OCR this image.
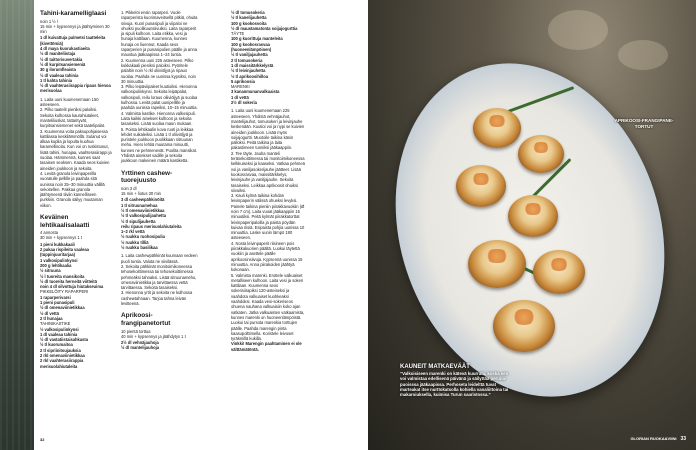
Tahini-karamelliglaasi

noin 1 ½ l

15 min + kypsennys ja jäähtyminen 30 min

1 dl kuivattuja palmetsi taatteleita (kivettömiä)

4 dl maya kuorukastiaeita

½ dl maniteliistaja

½ dl taittorisuvertakia

½ dl kurpitsansiemeniä

30 g ilorumfleaista

½ dl vaaleaa tahinia

1 tl kahta tahinia

½ dl vaahterasiirappia ripaus hienoa merisuolaa

1. Laita uuni kuumenemaan 150 asteeseen.

2. Pilko taatelit pieniksi paloiksi. Sekoita kulhossa kaurahiutaleet, manteliliuskat, tattarityvät, kurpitsansiemenet sekä taatelipalat.

3. Kuumenna voita paksupohjaisessa kattilassa keskilämmöllä. Sulanut voi alkaa kuplia ja lopulta kuohua karamellisoitu. Kun voi on ruskistunut, lisää tahini, hunajaa, vaahterasiirappi ja suolaa. Hämmennä, kunnes saat tasaisen seoksen. Kaada seos kuivien aineiden joukkoon ja sekoita.

4. Levitä granola leivinpaperilla vuoratulle pellille ja paahda sitä uunissa noin 25–30 minuuttia välillä sekoitellen. Pakkaa granola jäähtyneenä tiiviin kannelliseen purkkiin. Granola säilyy muutaman viikon.

Keväinen lehtikaalisalaatti

4 annosta

30 min + kypsennys 1 t

1 pieni kukkakaali

2 pakaa rispileita vaaleaa (tuppinjuuritarjaa)

1 valkosipulinkynsi

200 g lehtikaalia

½ sitruuna

½ l tuoreita mansikoita

½ dl tuoreita herneitä viitteitä

noin 4 dl silvottuja hiutakseuima

PIKKELÖITY RAPARPERI

1 raparperivarsi

1 pieni punasipuli

½ dl omenaviinietikkaa

½ dl vettä

2 tl hunajaa

TAHINIKASTIKE

½ valkosipulinkynsi

1 dl vaaleaa tahinia

½ dl vastatiistaisahkasta

½ tl kuorumaitoa

2 tl sipriinitoujauksia

2 rkl omenaviinietikkaa

2 rkl vaahterasiirappia

merisuolahiutaleita

1. Pikkelöi ensin raparperi. Vuole raparperista kuorimaveitsellä pitkiä, ohuita siivuja. Kuori punasipuli ja viipaloi ne ohuiksi puolikuunsiivuiksi. Laita raparperit ja sipuli kulhoon. Laita etikka, vesi ja hunaja kattilaan. Kuumenna, kunnes hunaja on liuennut. Kaada seos raparperien ja punasipulien päälle ja anna maustua jääkaapissa 1–24 tuntia.

2. Kuumenna uuni 225 asteeseen. Pilko kukkakaali pieniksi paloiksi. Pyöritele palaltin noin ½ rkl oliiviöljyä ja ripaus suolaa. Paahda ne uunissa kypsiksi, noin 30 minuuttia.

3. Pilko leipäviipaleet kuutioiksi. Hienonna valkosipulinkynsi. Sekoita leipäpalat, valkosipuli, reilu loraus oliiviöljyä ja suolaa kulhossa. Levitä palat uunipellille ja paahda uunissa rapeiksi, 10–15 minuuttia.

4. Valmista kastike. Hienonna valkosipuli. Laita kaikki ainekset kulhoon ja sekoita tasaiseksi. Lisää suolaa maun mukaan.

5. Poista lehtikaalin kova ruoti ja leikkaa lehdet suikaleiksi. Lisää 1 tl oliiviöljyä ja puristele joukkoon puolikkaan sitruunan mehu. Hiero lehtiä muutama minuutti, kunnes ne pehmenevät. Puolita mansikat. Yhdistä ainekset vadille ja sekoita joukkoon makeinen määrä kastiketta.

Yrttinen cashew-tuorejuusto

noin 3 dl

15 min + liotus 30 min

3 dl cashewpähkinöitä

1 tl sitruunamehua

½ tl omenaviinietikkaa

½ tl valkosipulijauhetta

½ tl sipulijauhetta

reilu ripaus merisuolahiutaleita

1–2 rkl vettä

½ ruukku ruohosipulia

½ ruukku tilliä

½ ruukku basilikaa

1. Laita cashewpähkinät kuumaan vedeen puoli tuntia. Valuta ne siivilässä.

2. Sekoita pähkinät monitoimikoneessa tehosekoittimessa tai tehosekoittimessa pehmeäksi tahnaksi. Lisää sitruunamehu, omenaviinietikka ja tarvittaessa vettä tarvittaessa. Sekoita tasaiseksi.

3. Hienonna yrtit ja sekoita ne kulhossa cashewtahnaan. Tarjoa tahna leivän levitteenä.

Aprikoosi-frangipanetortut

10 pientä torttua

40 min + kypsennys ja jäähdytys 1 t

2½ dl vehnäjauhoja

½ dl mantelijauhoja

½ dl tomusokeria

½ tl kanelijauhetta

100 g kookosvoita

½ dl maustamatonta soijajogurttia

TÄYTE

100 g kuorittuja manteleita

100 g kookosrasvaa (huoneenlämpöinen)

½ tl vaniljajauhetta

2 tl tomusokeria

1 dl maissitärkkelystä

½ tl leivinjauhetta

½ tl aprikoosihilloa

5 aprikoosia

MARENKI

3 kananmunanvalkuaista

1 dl vettä

2½ dl sokeria

1. Laita uuni kuumenemaan 225 asteeseen. Yhdistä vehnäjauhot, mantelijauhot, tomusokeri ja leivinjauhe keskenään. Kuutioi voi ja nypi se kuivien aineiden joukkoon. Lisää myös soijajogurtti. Muotoile taikina käsin palloksi. Peitä taikina ja laita pakastimeen tunniksi jääkaappiin.

2. Tee täyte. Jauha manteli teräsekoittimessa tai monitoimikoneessa kelkkuiseksi ja kaaseksi. Vatkaa pehmeä voi ja vaniljasokerijauhe jäätteet. Lisää kookosrasvaa, maissitärkkelys, leivinjauhe ja vaniljajauhe. Sekoita tasaiseksi. Leikkaa aprikoosit ohuiksi siivuiksi.

3. Kauli kylmä taikina kohdan leivinpaperin välissä ohueksi levyksi. Painele taikina pieniin piirakkavuokiin (Ø noin 7 cm). Laita vuoat jääkaappiin 15 minuutiksi. Peitä kylmät piirakkatorttat leivinpaperipaloilla ja paista pöydän kuivaa riisiä. Esipaista pohjia uunissa 10 minuuttia. Laske uunin lämpö 180 asteeseen.

4. Nosta leivinpaperit riisineen pois piirakkakuorien päältä. Luokui täytettä vuokiin ja asettele päälle aprikoosinsiivuja. Kypsennä uunissa 15 minuuttia. Anna piirakoiden jäähtyä kokonaan.

5. Valmista marenki. Erottele valkuaiset metalliseen kulhoon. Laita vesi ja sokeri kattilaan. Kuumenna seos sokerisiirapiksi 120-asteiseksi ja vaahdota valkuaiset kuohkeaksi vaahdoksi. Kaada vesi-sokeriseos ohuena nauhana valkuaisiin koko ajan vatkaten. Jatka valkuaisten vatkaamista, kunnes marenki on huoneenlämpöistä. Luokui tai pursota marenkia torttujen päälle. Paahda marengin pinta kaasupolttimella. Koristele leivoset tyräkmillä kukilla.

Vinkki! Marengin paahtaminen ei ole välttämätöntä.

32
APRIKOOSI-FRANGIPANE-TORTUT
KAUNEIT MATKAEVÄÄT
“Valkoisiseen marenki on kätevä kuurrata, koska sen voi valmistaa edellisenä päivänä ja säilyttää peruna-puoisssa jääkaapissa. Perhoseta leidelttä tuvat marteakat itse nurttokatsolla kohiella vanaliittoina tai makaroiuksella, kuimisa Turun saaristossa.”
GLORIAN RUOKA&VIINI 33
